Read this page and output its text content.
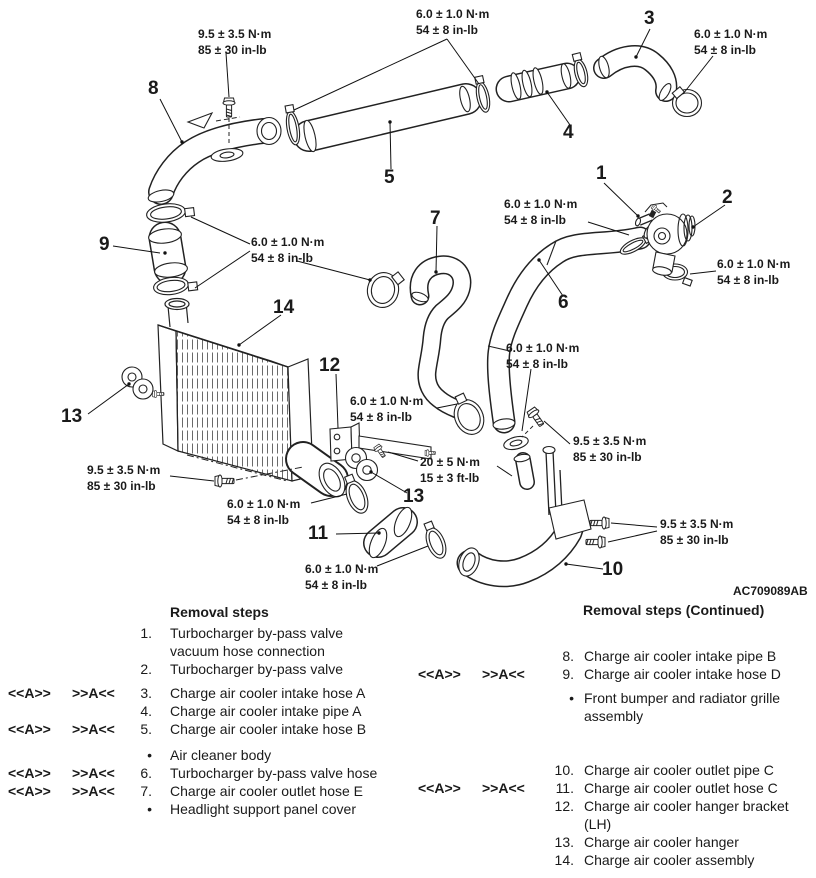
9.5 ± 3.5 N·m
85 ± 30 in-lb
6.0 ± 1.0 N·m
54 ± 8 in-lb	6.0 ± 1.0 N·m
54 ± 8 in-lb
6.0 ± 1.0 N·m
54 ± 8 in-lb
6.0 ± 1.0 N·m
54 ± 8 in-lb
6.0 ± 1.0 N·m
54 ± 8 in-lb
6.0 ± 1.0 N·m
54 ± 8 in-lb
6.0 ± 1.0 N·m
54 ± 8 in-lb
20 ± 5 N·m
15 ± 3 ft-lb
9.5 ± 3.5 N·m
85 ± 30 in-lb
6.0 ± 1.0 N·m
54 ± 8 in-lb
6.0 ± 1.0 N·m
54 ± 8 in-lb
9.5 ± 3.5 N·m
85 ± 30 in-lb
9.5 ± 3.5 N·m
85 ± 30 in-lb
8
5
3
4
1
2
7
6
9
14
13
12
11
13
10
AC709089AB
Removal steps
1.	Turbocharger by-pass valve
vacuum hose connection
2.	Turbocharger by-pass valve
<<A>>	>>A<<	3.	Charge air cooler intake hose A
4.	Charge air cooler intake pipe A
<<A>>	>>A<<	5.	Charge air cooler intake hose B
•	Air cleaner body
<<A>>	>>A<<	6.	Turbocharger by-pass valve hose
<<A>>	>>A<<	7.	Charge air cooler outlet hose E
•	Headlight support panel cover
Removal steps (Continued)
8. Charge air cooler intake pipe B
<<A>>	>>A<<	9. Charge air cooler intake hose D
• Front bumper and radiator grille
assembly
10. Charge air cooler outlet pipe C
<<A>>	>>A<<	11. Charge air cooler outlet hose C
12. Charge air cooler hanger bracket
(LH)
13. Charge air cooler hanger
14. Charge air cooler assembly
